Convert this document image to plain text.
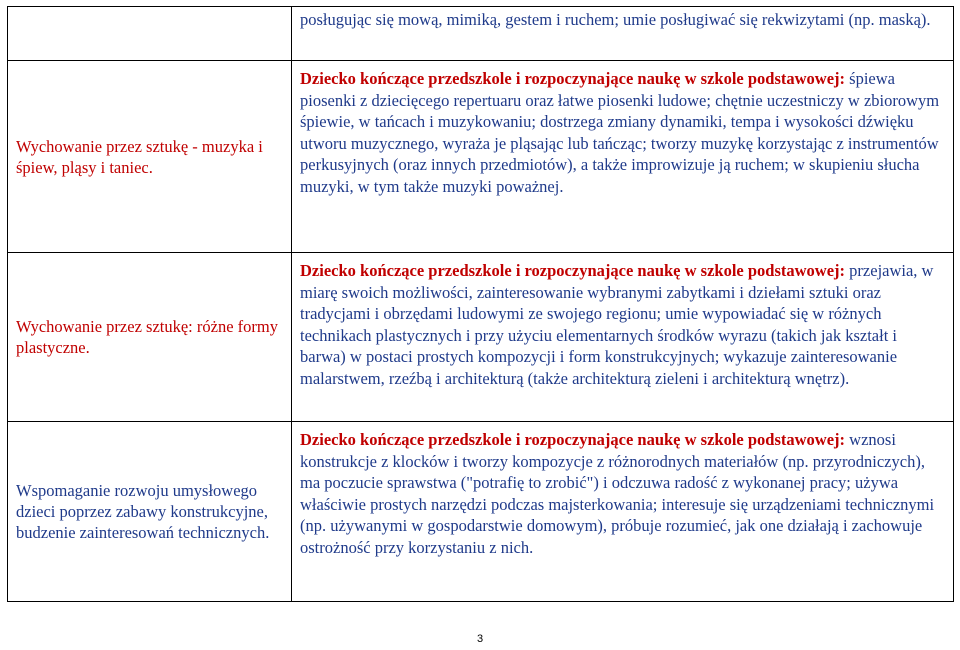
	posługując się mową, mimiką, gestem i ruchem; umie posługiwać się rekwizytami (np. maską).

Wychowanie przez sztukę - muzyka i śpiew, pląsy i taniec.	Dziecko kończące przedszkole i rozpoczynające naukę w szkole podstawowej: śpiewa piosenki z dziecięcego repertuaru oraz łatwe piosenki ludowe; chętnie uczestniczy w zbiorowym śpiewie, w tańcach i muzykowaniu; dostrzega zmiany dynamiki, tempa i wysokości dźwięku utworu muzycznego, wyraża je pląsając lub tańcząc; tworzy muzykę korzystając z instrumentów perkusyjnych (oraz innych przedmiotów), a także improwizuje ją ruchem; w skupieniu słucha muzyki, w tym także muzyki poważnej.

Wychowanie przez sztukę: różne formy plastyczne.	Dziecko kończące przedszkole i rozpoczynające naukę w szkole podstawowej: przejawia, w miarę swoich możliwości, zainteresowanie wybranymi zabytkami i dziełami sztuki oraz tradycjami i obrzędami ludowymi ze swojego regionu; umie wypowiadać się w różnych technikach plastycznych i przy użyciu elementarnych środków wyrazu (takich jak kształt i barwa) w postaci prostych kompozycji i form konstrukcyjnych; wykazuje zainteresowanie malarstwem, rzeźbą i architekturą (także architekturą zieleni i architekturą wnętrz).

Wspomaganie rozwoju umysłowego dzieci poprzez zabawy konstrukcyjne, budzenie zainteresowań technicznych.	Dziecko kończące przedszkole i rozpoczynające naukę w szkole podstawowej: wznosi konstrukcje z klocków i tworzy kompozycje z różnorodnych materiałów (np. przyrodniczych), ma poczucie sprawstwa ("potrafię to zrobić") i odczuwa radość z wykonanej pracy; używa właściwie prostych narzędzi podczas majsterkowania; interesuje się urządzeniami technicznymi (np. używanymi w gospodarstwie domowym), próbuje rozumieć, jak one działają i zachowuje ostrożność przy korzystaniu z nich.

3
